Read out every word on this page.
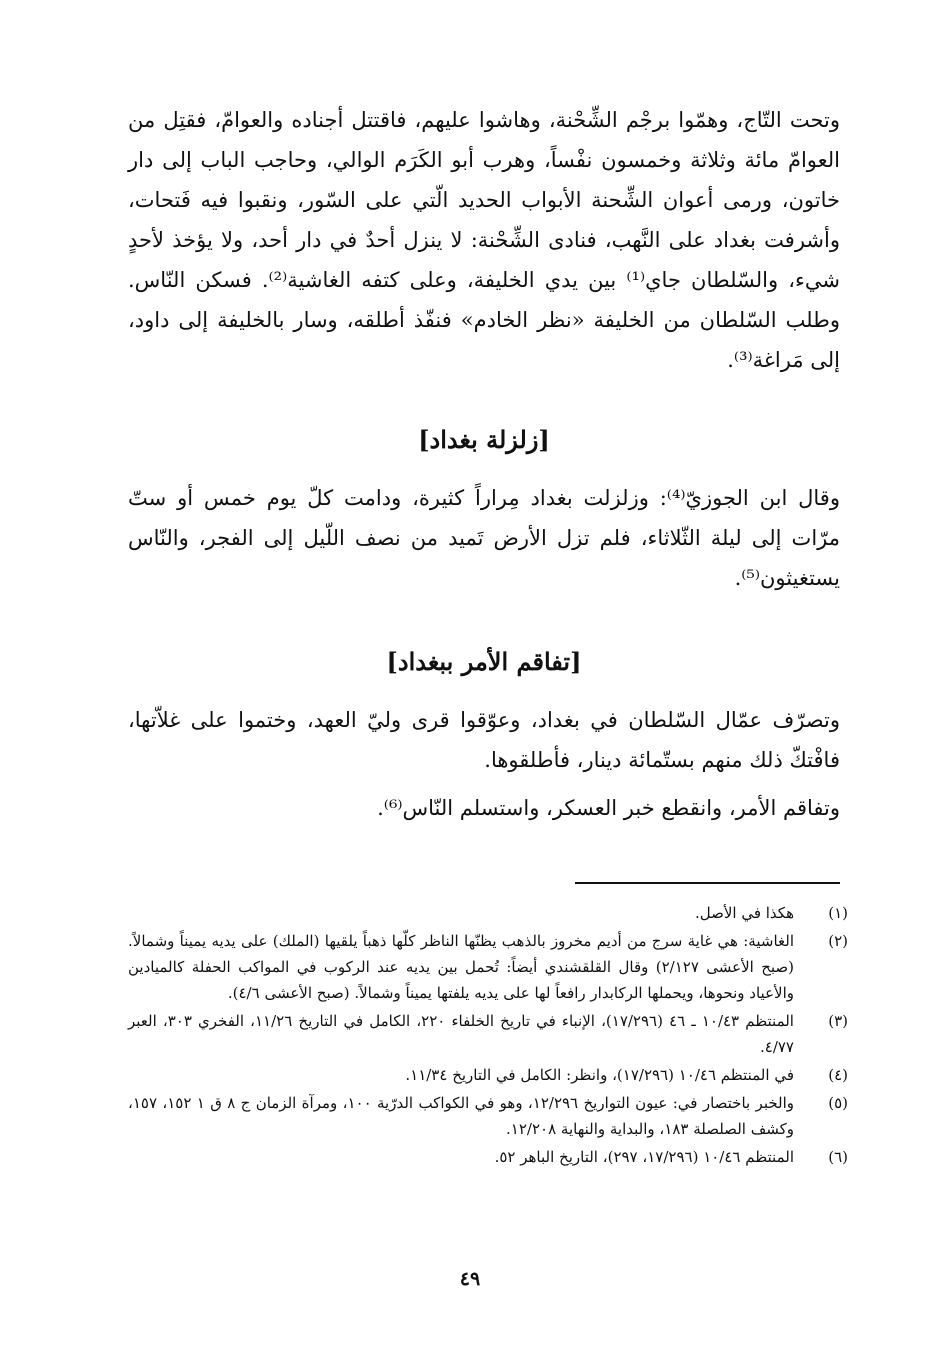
وتحت التّاج، وهمّوا برجْم الشِّحْنة، وهاشوا عليهم، فاقتتل أجناده والعوامّ، فقتِل من العوامّ مائة وثلاثة وخمسون نفْساً، وهرب أبو الكَرَم الوالي، وحاجب الباب إلى دار خاتون، ورمى أعوان الشِّحنة الأبواب الحديد الّتي على السّور، ونقبوا فيه فَتحات، وأشرفت بغداد على النَّهب، فنادى الشِّحْنة: لا ينزل أحدٌ في دار أحد، ولا يؤخذ لأحدٍ شيء، والسّلطان جاي⁽¹⁾ بين يدي الخليفة، وعلى كتفه الغاشية⁽²⁾. فسكن النّاس. وطلب السّلطان من الخليفة «نظر الخادم» فنفّذ أطلقه، وسار بالخليفة إلى داود، إلى مَراغة⁽³⁾.

[زلزلة بغداد]

وقال ابن الجوزيّ⁽⁴⁾: وزلزلت بغداد مِراراً كثيرة، ودامت كلّ يوم خمس أو ستّ مرّات إلى ليلة الثّلاثاء، فلم تزل الأرض تَميد من نصف اللّيل إلى الفجر، والنّاس يستغيثون⁽⁵⁾.

[تفاقم الأمر ببغداد]

وتصرّف عمّال السّلطان في بغداد، وعوّقوا قرى وليّ العهد، وختموا على غلاّتها، فافْتكّ ذلك منهم بستّمائة دينار، فأطلقوها.

وتفاقم الأمر، وانقطع خبر العسكر، واستسلم النّاس⁽⁶⁾.

(١)
هكذا في الأصل.
(٢)
الغاشية: هي غاية سرج من أديم مخروز بالذهب يظنّها الناظر كلّها ذهباً يلقيها (الملك) على يديه يميناً وشمالاً. (صبح الأعشى ٢/١٢٧) وقال القلقشندي أيضاً: تُحمل بين يديه عند الركوب في المواكب الحفلة كالميادين والأعياد ونحوها، ويحملها الركابدار رافعاً لها على يديه يلفتها يميناً وشمالاً. (صبح الأعشى ٤/٦).
(٣)
المنتظم ١٠/٤٣ ـ ٤٦ (١٧/٢٩٦)، الإنباء في تاريخ الخلفاء ٢٢٠، الكامل في التاريخ ١١/٢٦، الفخري ٣٠٣، العبر ٤/٧٧.
(٤)
في المنتظم ١٠/٤٦ (١٧/٢٩٦)، وانظر: الكامل في التاريخ ١١/٣٤.
(٥)
والخبر باختصار في: عيون التواريخ ١٢/٢٩٦، وهو في الكواكب الدرّية ١٠٠، ومرآة الزمان ج ٨ ق ١ ١٥٢، ١٥٧، وكشف الصلصلة ١٨٣، والبداية والنهاية ١٢/٢٠٨.
(٦)
المنتظم ١٠/٤٦ (١٧/٢٩٦، ٢٩٧)، التاريخ الباهر ٥٢.
٤٩
